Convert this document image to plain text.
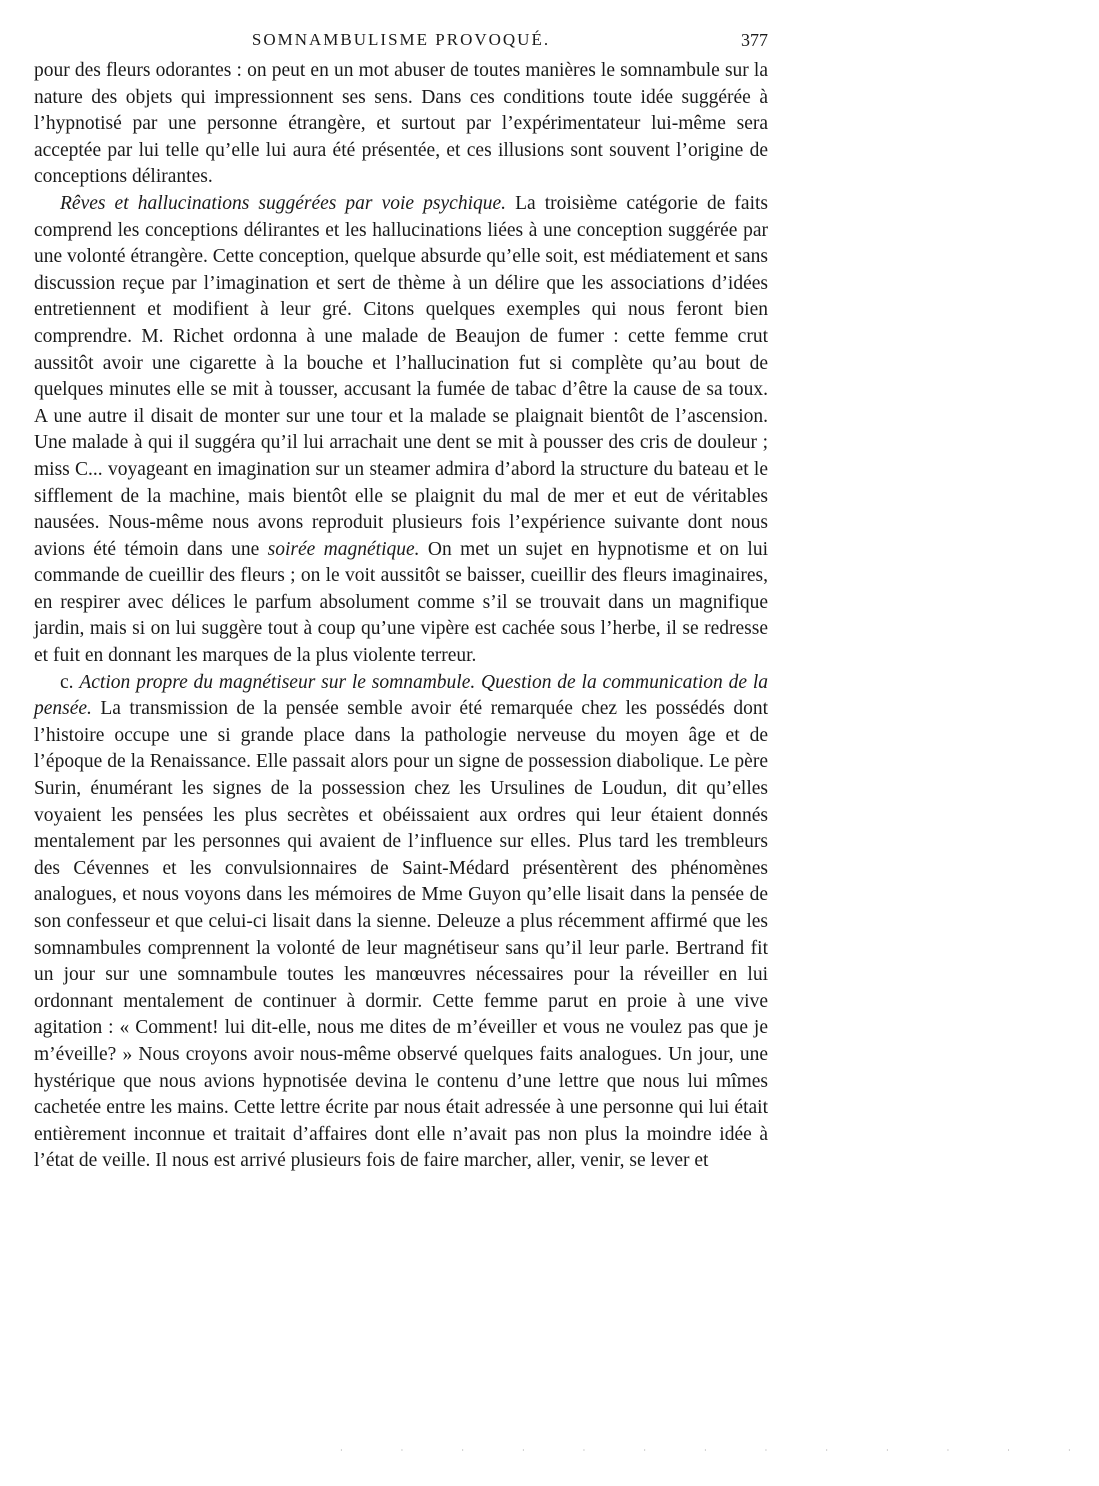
SOMNAMBULISME PROVOQUÉ.	377

pour des fleurs odorantes : on peut en un mot abuser de toutes manières le somnambule sur la nature des objets qui impressionnent ses sens. Dans ces conditions toute idée suggérée à l’hypnotisé par une personne étrangère, et surtout par l’expérimentateur lui-même sera acceptée par lui telle qu’elle lui aura été présentée, et ces illusions sont souvent l’origine de conceptions délirantes.

Rêves et hallucinations suggérées par voie psychique. La troisième catégorie de faits comprend les conceptions délirantes et les hallucinations liées à une conception suggérée par une volonté étrangère. Cette conception, quelque absurde qu’elle soit, est médiatement et sans discussion reçue par l’imagination et sert de thème à un délire que les associations d’idées entretiennent et modifient à leur gré. Citons quelques exemples qui nous feront bien comprendre. M. Richet ordonna à une malade de Beaujon de fumer : cette femme crut aussitôt avoir une cigarette à la bouche et l’hallucination fut si complète qu’au bout de quelques minutes elle se mit à tousser, accusant la fumée de tabac d’être la cause de sa toux. A une autre il disait de monter sur une tour et la malade se plaignait bientôt de l’ascension. Une malade à qui il suggéra qu’il lui arrachait une dent se mit à pousser des cris de douleur ; miss C... voyageant en imagination sur un steamer admira d’abord la structure du bateau et le sifflement de la machine, mais bientôt elle se plaignit du mal de mer et eut de véritables nausées. Nous-même nous avons reproduit plusieurs fois l’expérience suivante dont nous avions été témoin dans une soirée magnétique. On met un sujet en hypnotisme et on lui commande de cueillir des fleurs ; on le voit aussitôt se baisser, cueillir des fleurs imaginaires, en respirer avec délices le parfum absolument comme s’il se trouvait dans un magnifique jardin, mais si on lui suggère tout à coup qu’une vipère est cachée sous l’herbe, il se redresse et fuit en donnant les marques de la plus violente terreur.

c. Action propre du magnétiseur sur le somnambule. Question de la communication de la pensée. La transmission de la pensée semble avoir été remarquée chez les possédés dont l’histoire occupe une si grande place dans la pathologie nerveuse du moyen âge et de l’époque de la Renaissance. Elle passait alors pour un signe de possession diabolique. Le père Surin, énumérant les signes de la possession chez les Ursulines de Loudun, dit qu’elles voyaient les pensées les plus secrètes et obéissaient aux ordres qui leur étaient donnés mentalement par les personnes qui avaient de l’influence sur elles. Plus tard les trembleurs des Cévennes et les convulsionnaires de Saint-Médard présentèrent des phénomènes analogues, et nous voyons dans les mémoires de Mme Guyon qu’elle lisait dans la pensée de son confesseur et que celui-ci lisait dans la sienne. Deleuze a plus récemment affirmé que les somnambules comprennent la volonté de leur magnétiseur sans qu’il leur parle. Bertrand fit un jour sur une somnambule toutes les manœuvres nécessaires pour la réveiller en lui ordonnant mentalement de continuer à dormir. Cette femme parut en proie à une vive agitation : « Comment! lui dit-elle, nous me dites de m’éveiller et vous ne voulez pas que je m’éveille? » Nous croyons avoir nous-même observé quelques faits analogues. Un jour, une hystérique que nous avions hypnotisée devina le contenu d’une lettre que nous lui mîmes cachetée entre les mains. Cette lettre écrite par nous était adressée à une personne qui lui était entièrement inconnue et traitait d’affaires dont elle n’avait pas non plus la moindre idée à l’état de veille. Il nous est arrivé plusieurs fois de faire marcher, aller, venir, se lever et

· · · · · · · · · · · · ·
